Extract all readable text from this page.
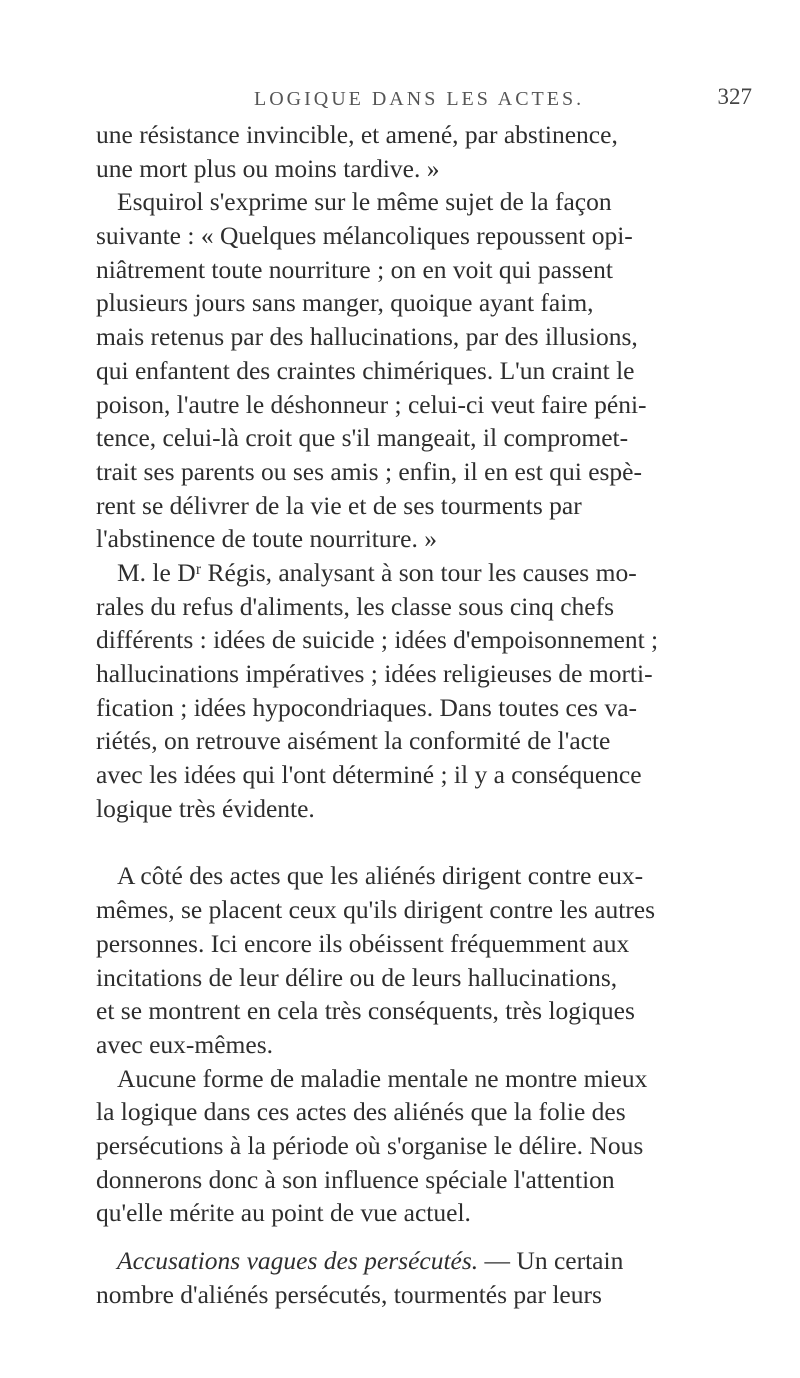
LOGIQUE DANS LES ACTES.	327
une résistance invincible, et amené, par abstinence,
une mort plus ou moins tardive. »
Esquirol s'exprime sur le même sujet de la façon
suivante : « Quelques mélancoliques repoussent opi-
niâtrement toute nourriture ; on en voit qui passent
plusieurs jours sans manger, quoique ayant faim,
mais retenus par des hallucinations, par des illusions,
qui enfantent des craintes chimériques. L'un craint le
poison, l'autre le déshonneur ; celui-ci veut faire péni-
tence, celui-là croit que s'il mangeait, il compromet-
trait ses parents ou ses amis ; enfin, il en est qui espè-
rent se délivrer de la vie et de ses tourments par
l'abstinence de toute nourriture. »
M. le Dʳ Régis, analysant à son tour les causes mo-
rales du refus d'aliments, les classe sous cinq chefs
différents : idées de suicide ; idées d'empoisonnement ;
hallucinations impératives ; idées religieuses de morti-
fication ; idées hypocondriaques. Dans toutes ces va-
riétés, on retrouve aisément la conformité de l'acte
avec les idées qui l'ont déterminé ; il y a conséquence
logique très évidente.
A côté des actes que les aliénés dirigent contre eux-
mêmes, se placent ceux qu'ils dirigent contre les autres
personnes. Ici encore ils obéissent fréquemment aux
incitations de leur délire ou de leurs hallucinations,
et se montrent en cela très conséquents, très logiques
avec eux-mêmes.
Aucune forme de maladie mentale ne montre mieux
la logique dans ces actes des aliénés que la folie des
persécutions à la période où s'organise le délire. Nous
donnerons donc à son influence spéciale l'attention
qu'elle mérite au point de vue actuel.
Accusations vagues des persécutés. — Un certain
nombre d'aliénés persécutés, tourmentés par leurs
